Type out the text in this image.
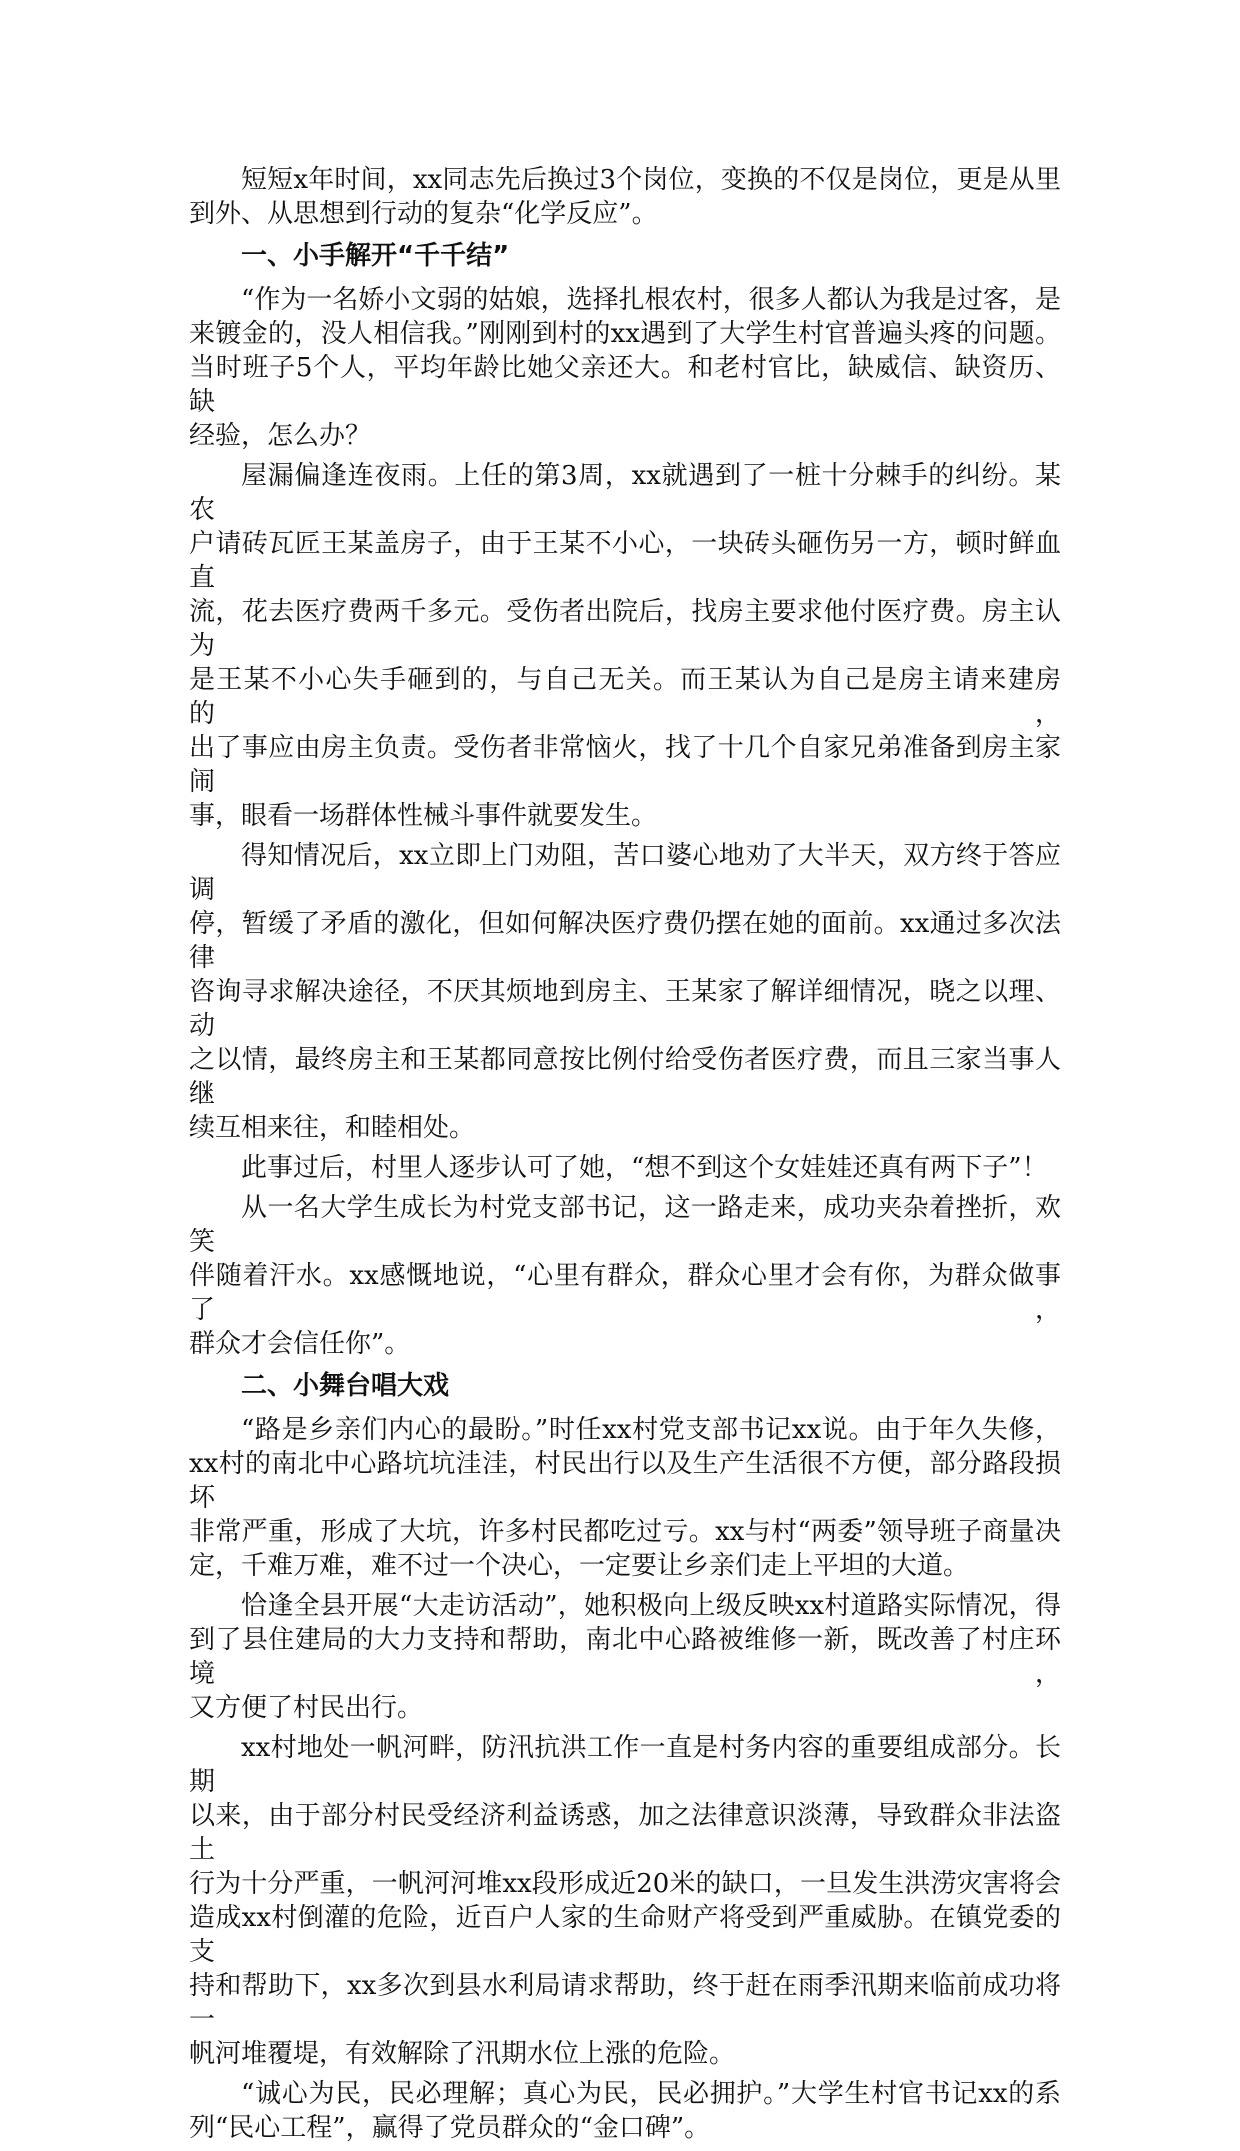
短短x年时间，xx同志先后换过3个岗位，变换的不仅是岗位，更是从里
到外、从思想到行动的复杂“化学反应”。
一、小手解开“千千结”
“作为一名娇小文弱的姑娘，选择扎根农村，很多人都认为我是过客，是
来镀金的，没人相信我。”刚刚到村的xx遇到了大学生村官普遍头疼的问题。
当时班子5个人，平均年龄比她父亲还大。和老村官比，缺威信、缺资历、缺
经验，怎么办？
屋漏偏逢连夜雨。上任的第3周，xx就遇到了一桩十分棘手的纠纷。某农
户请砖瓦匠王某盖房子，由于王某不小心，一块砖头砸伤另一方，顿时鲜血直
流，花去医疗费两千多元。受伤者出院后，找房主要求他付医疗费。房主认为
是王某不小心失手砸到的，与自己无关。而王某认为自己是房主请来建房的，
出了事应由房主负责。受伤者非常恼火，找了十几个自家兄弟准备到房主家闹
事，眼看一场群体性械斗事件就要发生。
得知情况后，xx立即上门劝阻，苦口婆心地劝了大半天，双方终于答应调
停，暂缓了矛盾的激化，但如何解决医疗费仍摆在她的面前。xx通过多次法律
咨询寻求解决途径，不厌其烦地到房主、王某家了解详细情况，晓之以理、动
之以情，最终房主和王某都同意按比例付给受伤者医疗费，而且三家当事人继
续互相来往，和睦相处。
此事过后，村里人逐步认可了她，“想不到这个女娃娃还真有两下子”！
从一名大学生成长为村党支部书记，这一路走来，成功夹杂着挫折，欢笑
伴随着汗水。xx感慨地说，“心里有群众，群众心里才会有你，为群众做事了，
群众才会信任你”。
二、小舞台唱大戏
“路是乡亲们内心的最盼。”时任xx村党支部书记xx说。由于年久失修，
xx村的南北中心路坑坑洼洼，村民出行以及生产生活很不方便，部分路段损坏
非常严重，形成了大坑，许多村民都吃过亏。xx与村“两委”领导班子商量决
定，千难万难，难不过一个决心，一定要让乡亲们走上平坦的大道。
恰逢全县开展“大走访活动”，她积极向上级反映xx村道路实际情况，得
到了县住建局的大力支持和帮助，南北中心路被维修一新，既改善了村庄环境，
又方便了村民出行。
xx村地处一帆河畔，防汛抗洪工作一直是村务内容的重要组成部分。长期
以来，由于部分村民受经济利益诱惑，加之法律意识淡薄，导致群众非法盗土
行为十分严重，一帆河河堆xx段形成近20米的缺口，一旦发生洪涝灾害将会
造成xx村倒灌的危险，近百户人家的生命财产将受到严重威胁。在镇党委的支
持和帮助下，xx多次到县水利局请求帮助，终于赶在雨季汛期来临前成功将一
帆河堆覆堤，有效解除了汛期水位上涨的危险。
“诚心为民，民必理解；真心为民，民必拥护。”大学生村官书记xx的系
列“民心工程”，赢得了党员群众的“金口碑”。
